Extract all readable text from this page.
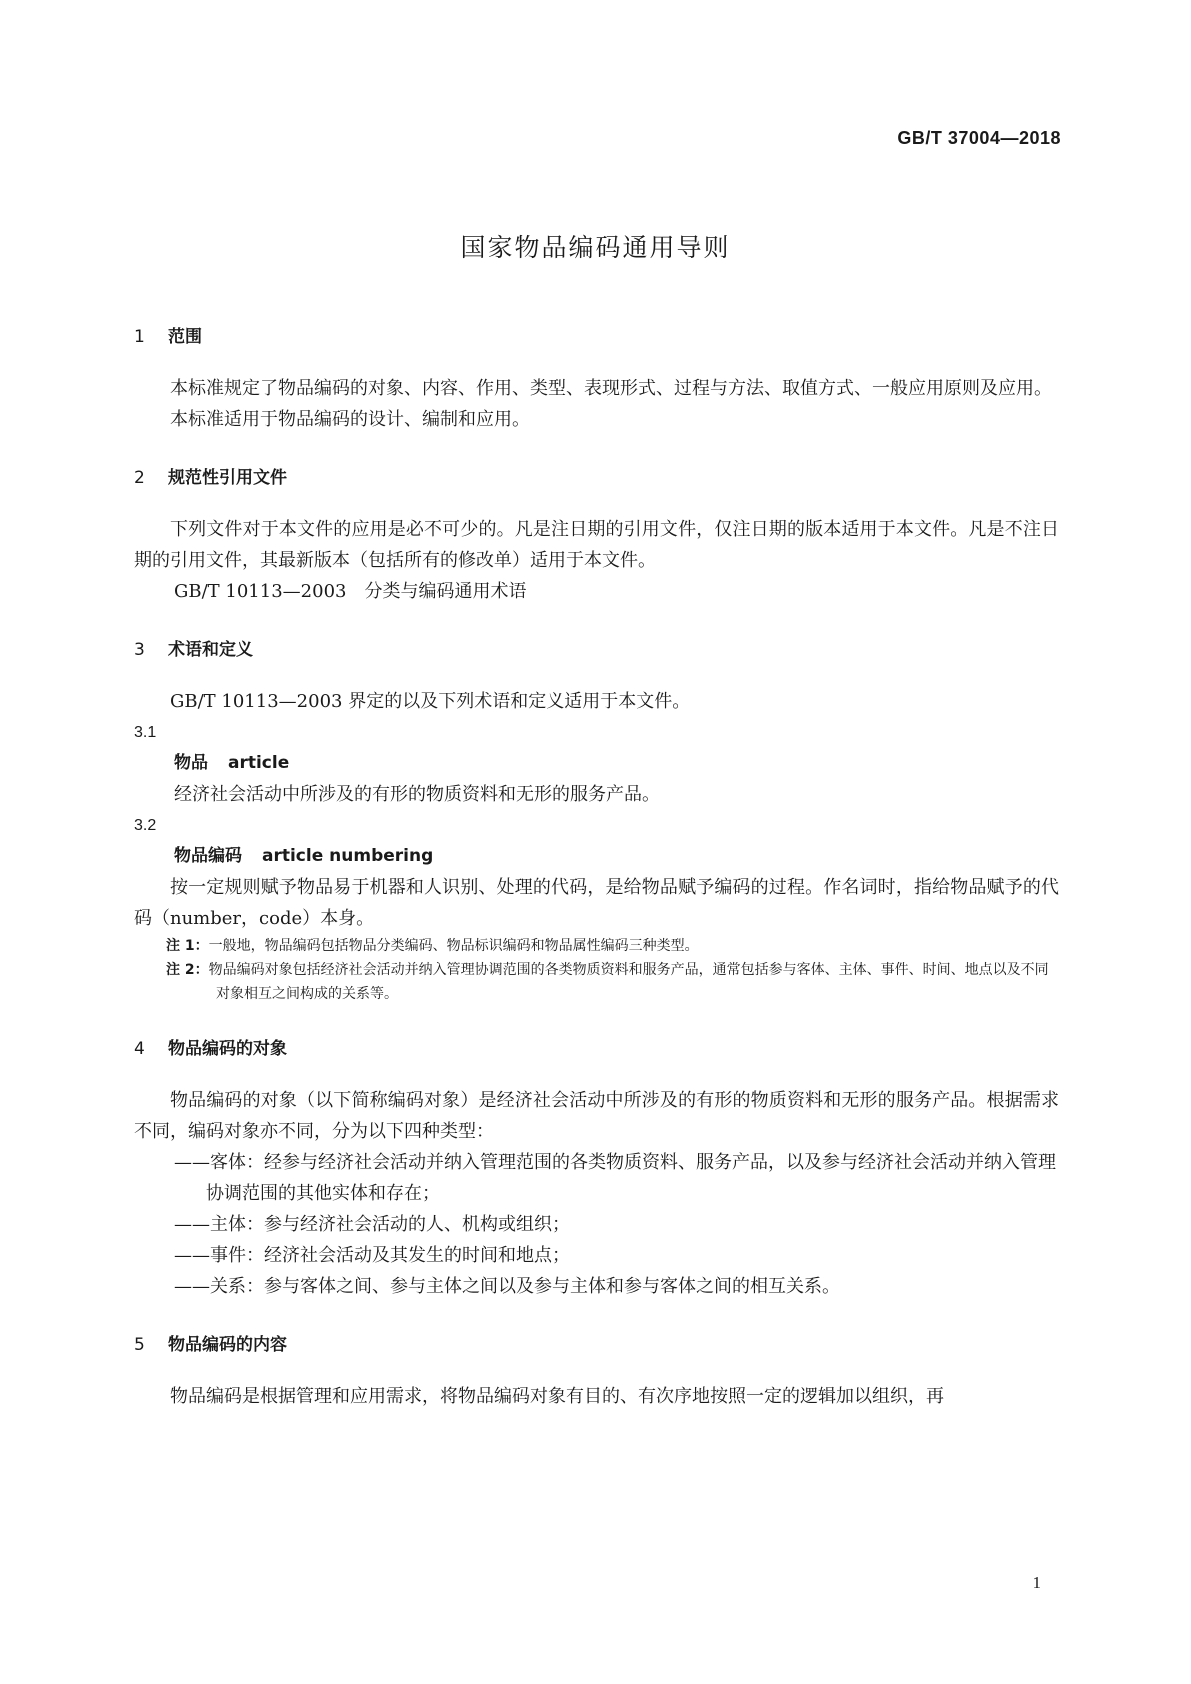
GB/T 37004—2018
国家物品编码通用导则
1 范围

本标准规定了物品编码的对象、内容、作用、类型、表现形式、过程与方法、取值方式、一般应用原则及应用。

本标准适用于物品编码的设计、编制和应用。

2 规范性引用文件

下列文件对于本文件的应用是必不可少的。凡是注日期的引用文件，仅注日期的版本适用于本文件。凡是不注日期的引用文件，其最新版本（包括所有的修改单）适用于本文件。

GB/T 10113—2003　分类与编码通用术语

3 术语和定义

GB/T 10113—2003 界定的以及下列术语和定义适用于本文件。

3.1

物品 article

经济社会活动中所涉及的有形的物质资料和无形的服务产品。

3.2

物品编码 article numbering

按一定规则赋予物品易于机器和人识别、处理的代码，是给物品赋予编码的过程。作名词时，指给物品赋予的代码（number，code）本身。

注 1：一般地，物品编码包括物品分类编码、物品标识编码和物品属性编码三种类型。

注 2：物品编码对象包括经济社会活动并纳入管理协调范围的各类物质资料和服务产品，通常包括参与客体、主体、事件、时间、地点以及不同对象相互之间构成的关系等。

4 物品编码的对象

物品编码的对象（以下简称编码对象）是经济社会活动中所涉及的有形的物质资料和无形的服务产品。根据需求不同，编码对象亦不同，分为以下四种类型：

——客体：经参与经济社会活动并纳入管理范围的各类物质资料、服务产品，以及参与经济社会活动并纳入管理协调范围的其他实体和存在；

——主体：参与经济社会活动的人、机构或组织；

——事件：经济社会活动及其发生的时间和地点；

——关系：参与客体之间、参与主体之间以及参与主体和参与客体之间的相互关系。

5 物品编码的内容

物品编码是根据管理和应用需求，将物品编码对象有目的、有次序地按照一定的逻辑加以组织，再

1
